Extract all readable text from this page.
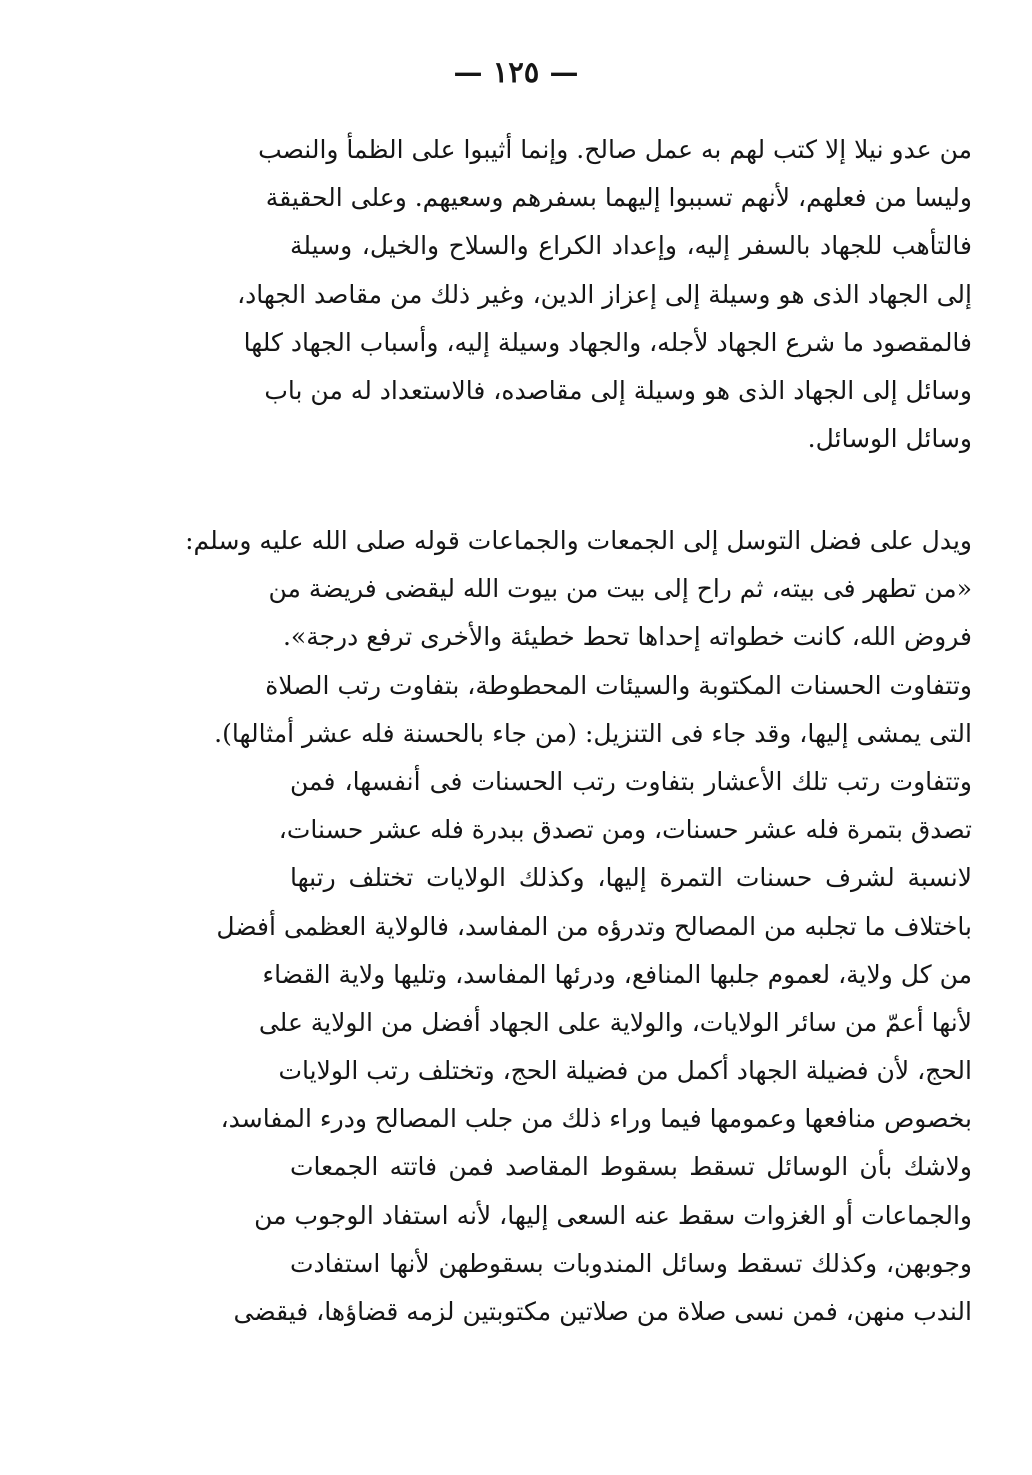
— ١٢٥ —
من عدو نيلا إلا كتب لهم به عمل صالح. وإنما أثيبوا على الظمأ والنصب
وليسا من فعلهم، لأنهم تسببوا إليهما بسفرهم وسعيهم. وعلى الحقيقة
فالتأهب للجهاد بالسفر إليه، وإعداد الكراع والسلاح والخيل، وسيلة
إلى الجهاد الذى هو وسيلة إلى إعزاز الدين، وغير ذلك من مقاصد الجهاد،
فالمقصود ما شرع الجهاد لأجله، والجهاد وسيلة إليه، وأسباب الجهاد كلها
وسائل إلى الجهاد الذى هو وسيلة إلى مقاصده، فالاستعداد له من باب
وسائل الوسائل.
ويدل على فضل التوسل إلى الجمعات والجماعات قوله صلى الله عليه وسلم:
«من تطهر فى بيته، ثم راح إلى بيت من بيوت الله ليقضى فريضة من
فروض الله، كانت خطواته إحداها تحط خطيئة والأخرى ترفع درجة».
وتتفاوت الحسنات المكتوبة والسيئات المحطوطة، بتفاوت رتب الصلاة
التى يمشى إليها، وقد جاء فى التنزيل: (من جاء بالحسنة فله عشر أمثالها).
وتتفاوت رتب تلك الأعشار بتفاوت رتب الحسنات فى أنفسها، فمن
تصدق بتمرة فله عشر حسنات، ومن تصدق ببدرة فله عشر حسنات،
لانسبة لشرف حسنات التمرة إليها، وكذلك الولايات تختلف رتبها
باختلاف ما تجلبه من المصالح وتدرؤه من المفاسد، فالولاية العظمى أفضل
من كل ولاية، لعموم جلبها المنافع، ودرئها المفاسد، وتليها ولاية القضاء
لأنها أعمّ من سائر الولايات، والولاية على الجهاد أفضل من الولاية على
الحج، لأن فضيلة الجهاد أكمل من فضيلة الحج، وتختلف رتب الولايات
بخصوص منافعها وعمومها فيما وراء ذلك من جلب المصالح ودرء المفاسد،
ولاشك بأن الوسائل تسقط بسقوط المقاصد فمن فاتته الجمعات
والجماعات أو الغزوات سقط عنه السعى إليها، لأنه استفاد الوجوب من
وجوبهن، وكذلك تسقط وسائل المندوبات بسقوطهن لأنها استفادت
الندب منهن، فمن نسى صلاة من صلاتين مكتوبتين لزمه قضاؤها، فيقضى
